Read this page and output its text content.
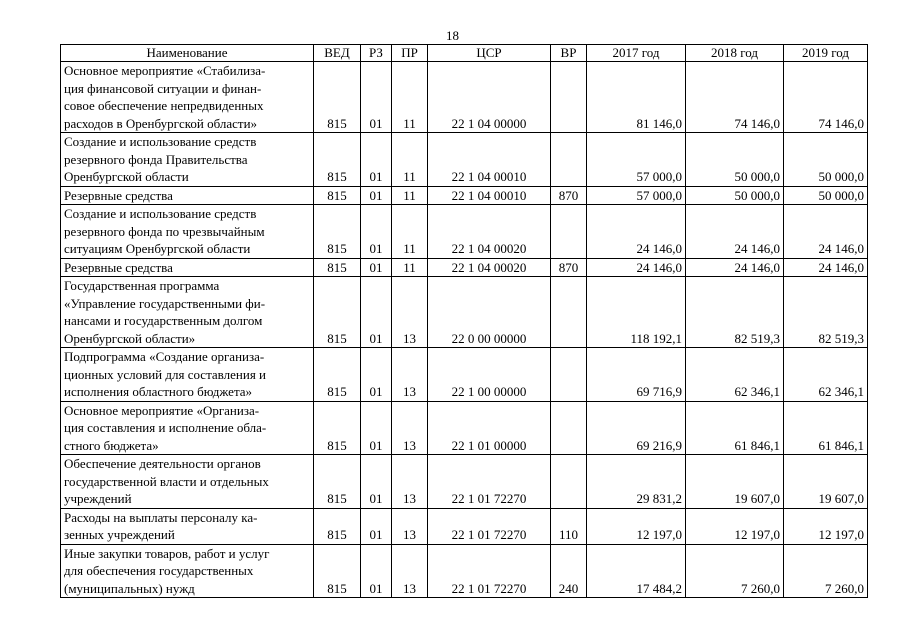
18
Наименование	ВЕД	РЗ	ПР	ЦСР	ВР	2017 год	2018 год	2019 год

Основное мероприятие «Стабилиза-
ция финансовой ситуации и финан-
совое обеспечение непредвиденных
расходов в Оренбургской области»	815	01	11	22 1 04 00000		81 146,0	74 146,0	74 146,0

Создание и использование средств
резервного фонда Правительства
Оренбургской области	815	01	11	22 1 04 00010		57 000,0	50 000,0	50 000,0

Резервные средства	815	01	11	22 1 04 00010	870	57 000,0	50 000,0	50 000,0

Создание и использование средств
резервного фонда по чрезвычайным
ситуациям Оренбургской области	815	01	11	22 1 04 00020		24 146,0	24 146,0	24 146,0

Резервные средства	815	01	11	22 1 04 00020	870	24 146,0	24 146,0	24 146,0

Государственная программа
«Управление государственными фи-
нансами и государственным долгом
Оренбургской области»	815	01	13	22 0 00 00000		118 192,1	82 519,3	82 519,3

Подпрограмма «Создание организа-
ционных условий для составления и
исполнения областного бюджета»	815	01	13	22 1 00 00000		69 716,9	62 346,1	62 346,1

Основное мероприятие «Организа-
ция составления и исполнение обла-
стного бюджета»	815	01	13	22 1 01 00000		69 216,9	61 846,1	61 846,1

Обеспечение деятельности органов
государственной власти и отдельных
учреждений	815	01	13	22 1 01 72270		29 831,2	19 607,0	19 607,0

Расходы на выплаты персоналу ка-
зенных учреждений	815	01	13	22 1 01 72270	110	12 197,0	12 197,0	12 197,0

Иные закупки товаров, работ и услуг
для обеспечения государственных
(муниципальных) нужд	815	01	13	22 1 01 72270	240	17 484,2	7 260,0	7 260,0
